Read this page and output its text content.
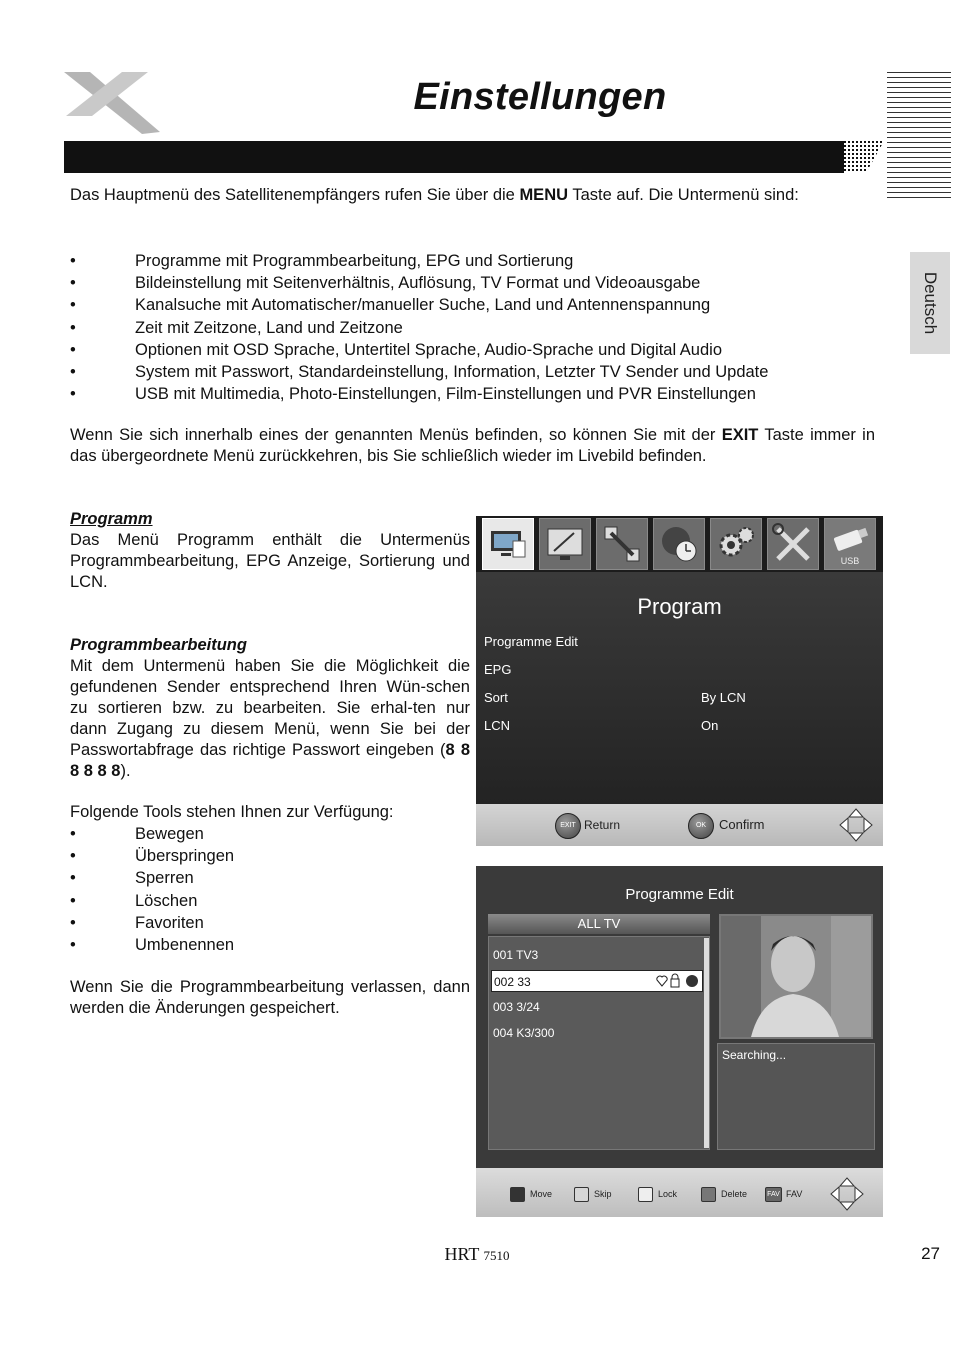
Einstellungen
Deutsch
Das Hauptmenü des Satellitenempfängers rufen Sie über die MENU Taste auf. Die Untermenü sind:
• Programme mit Programmbearbeitung, EPG und Sortierung
• Bildeinstellung mit Seitenverhältnis, Auflösung, TV Format und Videoausgabe
• Kanalsuche mit Automatischer/manueller Suche, Land und Antennenspannung
• Zeit mit Zeitzone, Land und Zeitzone
• Optionen mit OSD Sprache, Untertitel Sprache, Audio-Sprache und Digital Audio
• System mit Passwort, Standardeinstellung, Information, Letzter TV Sender und Update
• USB mit Multimedia, Photo-Einstellungen, Film-Einstellungen und PVR Einstellungen
Wenn Sie sich innerhalb eines der genannten Menüs befinden, so können Sie mit der EXIT Taste immer in das übergeordnete Menü zurückkehren, bis Sie schließlich wieder im Livebild befinden.
Programm
Das Menü Programm enthält die Untermenüs Programmbearbeitung, EPG Anzeige, Sortierung und LCN.
Programmbearbeitung
Mit dem Untermenü haben Sie die Möglichkeit die gefundenen Sender entsprechend Ihren Wün-schen zu sortieren bzw. zu bearbeiten. Sie erhal-ten nur dann Zugang zu diesem Menü, wenn Sie bei der Passwortabfrage das richtige Passwort eingeben (8 8 8 8 8 8).
Folgende Tools stehen Ihnen zur Verfügung:
• Bewegen
• Überspringen
• Sperren
• Löschen
• Favoriten
• Umbenennen
Wenn Sie die Programmbearbeitung verlassen, dann werden die Änderungen gespeichert.
USB
Program
Programme Edit
EPG
Sort	By LCN
LCN	On
EXIT Return	OK Confirm
Programme Edit
ALL TV
001 TV3
002 33
003 3/24
004 K3/300
Searching...
Move	Skip	Lock	Delete	FAV FAV
HRT 7510	27
